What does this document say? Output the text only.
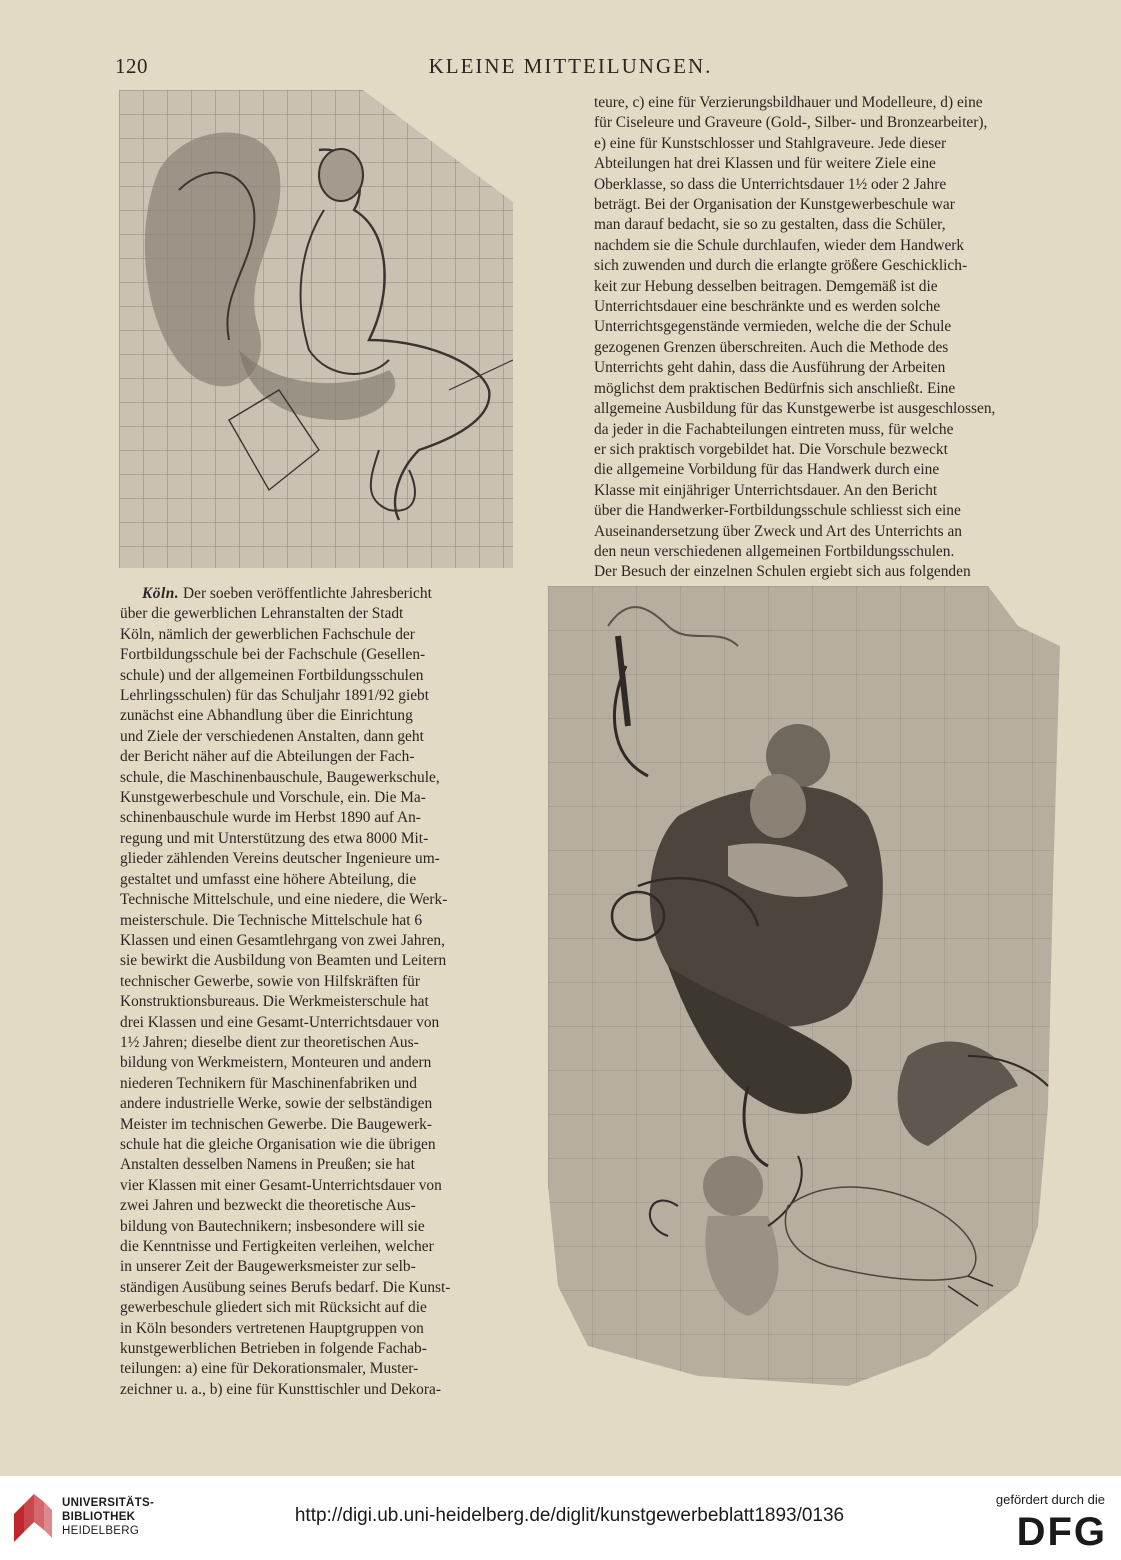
120	KLEINE MITTEILUNGEN.

teure, c) eine für Verzierungsbildhauer und Modelleure, d) eine
für Ciseleure und Graveure (Gold-, Silber- und Bronzearbeiter),
e) eine für Kunstschlosser und Stahlgraveure. Jede dieser
Abteilungen hat drei Klassen und für weitere Ziele eine
Oberklasse, so dass die Unterrichtsdauer 1½ oder 2 Jahre
beträgt. Bei der Organisation der Kunstgewerbeschule war
man darauf bedacht, sie so zu gestalten, dass die Schüler,
nachdem sie die Schule durchlaufen, wieder dem Handwerk
sich zuwenden und durch die erlangte größere Geschicklich-
keit zur Hebung desselben beitragen. Demgemäß ist die
Unterrichtsdauer eine beschränkte und es werden solche
Unterrichtsgegenstände vermieden, welche die der Schule
gezogenen Grenzen überschreiten. Auch die Methode des
Unterrichts geht dahin, dass die Ausführung der Arbeiten
möglichst dem praktischen Bedürfnis sich anschließt. Eine
allgemeine Ausbildung für das Kunstgewerbe ist ausgeschlossen,
da jeder in die Fachabteilungen eintreten muss, für welche
er sich praktisch vorgebildet hat. Die Vorschule bezweckt
die allgemeine Vorbildung für das Handwerk durch eine
Klasse mit einjähriger Unterrichtsdauer. An den Bericht
über die Handwerker-Fortbildungsschule schliesst sich eine
Auseinandersetzung über Zweck und Art des Unterrichts an
den neun verschiedenen allgemeinen Fortbildungsschulen.
Der Besuch der einzelnen Schulen ergiebt sich aus folgenden

Köln. Der soeben veröffentlichte Jahresbericht
über die gewerblichen Lehranstalten der Stadt
Köln, nämlich der gewerblichen Fachschule der
Fortbildungsschule bei der Fachschule (Gesellen-
schule) und der allgemeinen Fortbildungsschulen
Lehrlingsschulen) für das Schuljahr 1891/92 giebt
zunächst eine Abhandlung über die Einrichtung
und Ziele der verschiedenen Anstalten, dann geht
der Bericht näher auf die Abteilungen der Fach-
schule, die Maschinenbauschule, Baugewerkschule,
Kunstgewerbeschule und Vorschule, ein. Die Ma-
schinenbauschule wurde im Herbst 1890 auf An-
regung und mit Unterstützung des etwa 8000 Mit-
glieder zählenden Vereins deutscher Ingenieure um-
gestaltet und umfasst eine höhere Abteilung, die
Technische Mittelschule, und eine niedere, die Werk-
meisterschule. Die Technische Mittelschule hat 6
Klassen und einen Gesamtlehrgang von zwei Jahren,
sie bewirkt die Ausbildung von Beamten und Leitern
technischer Gewerbe, sowie von Hilfskräften für
Konstruktionsbureaus. Die Werkmeisterschule hat
drei Klassen und eine Gesamt-Unterrichtsdauer von
1½ Jahren; dieselbe dient zur theoretischen Aus-
bildung von Werkmeistern, Monteuren und andern
niederen Technikern für Maschinenfabriken und
andere industrielle Werke, sowie der selbständigen
Meister im technischen Gewerbe. Die Baugewerk-
schule hat die gleiche Organisation wie die übrigen
Anstalten desselben Namens in Preußen; sie hat
vier Klassen mit einer Gesamt-Unterrichtsdauer von
zwei Jahren und bezweckt die theoretische Aus-
bildung von Bautechnikern; insbesondere will sie
die Kenntnisse und Fertigkeiten verleihen, welcher
in unserer Zeit der Baugewerksmeister zur selb-
ständigen Ausübung seines Berufs bedarf. Die Kunst-
gewerbeschule gliedert sich mit Rücksicht auf die
in Köln besonders vertretenen Hauptgruppen von
kunstgewerblichen Betrieben in folgende Fachab-
teilungen: a) eine für Dekorationsmaler, Muster-
zeichner u. a., b) eine für Kunsttischler und Dekora-

UNIVERSITÄTS-
BIBLIOTHEK
HEIDELBERG
http://digi.ub.uni-heidelberg.de/diglit/kunstgewerbeblatt1893/0136
gefördert durch die
DFG
